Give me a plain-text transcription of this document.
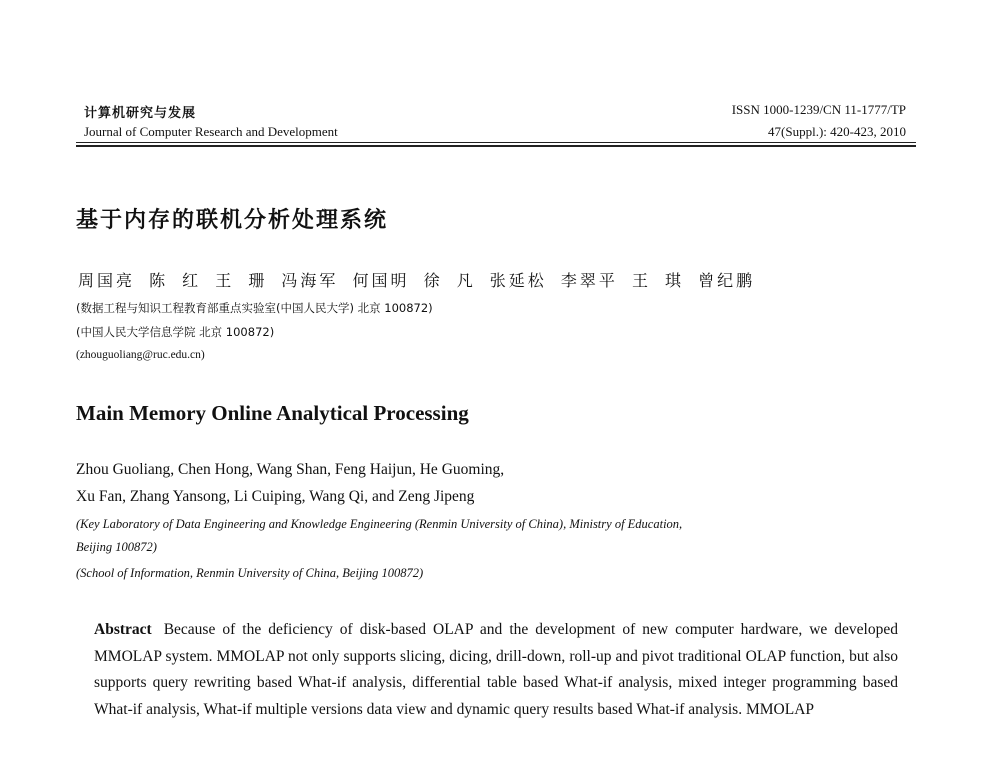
计算机研究与发展
Journal of Computer Research and Development
ISSN 1000-1239/CN 11-1777/TP
47(Suppl.): 420-423, 2010
基于内存的联机分析处理系统
周国亮 陈 红 王 珊 冯海军 何国明 徐 凡 张延松 李翠平 王 琪 曾纪鹏
(数据工程与知识工程教育部重点实验室(中国人民大学) 北京 100872)
(中国人民大学信息学院 北京 100872)
(zhouguoliang@ruc.edu.cn)
Main Memory Online Analytical Processing
Zhou Guoliang, Chen Hong, Wang Shan, Feng Haijun, He Guoming,
Xu Fan, Zhang Yansong, Li Cuiping, Wang Qi, and Zeng Jipeng
(Key Laboratory of Data Engineering and Knowledge Engineering (Renmin University of China), Ministry of Education,
Beijing 100872)
(School of Information, Renmin University of China, Beijing 100872)
Abstract Because of the deficiency of disk-based OLAP and the development of new computer hardware, we developed MMOLAP system. MMOLAP not only supports slicing, dicing, drill-down, roll-up and pivot traditional OLAP function, but also supports query rewriting based What-if analysis, differential table based What-if analysis, mixed integer programming based What-if analysis, What-if multiple versions data view and dynamic query results based What-if analysis. MMOLAP
